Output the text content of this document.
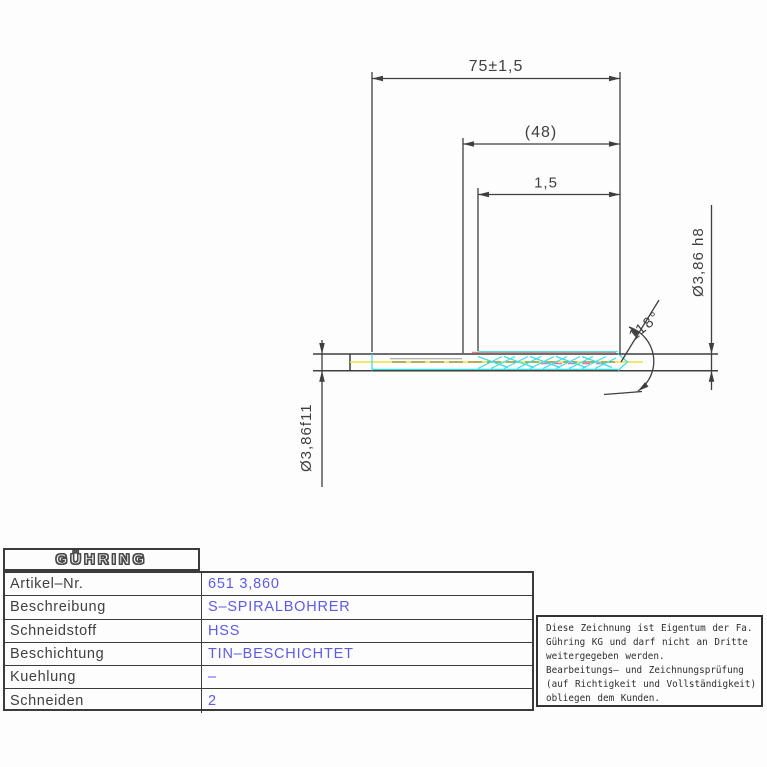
75±1,5
(48)
1,5
Ø3,86 h8
Ø3,86f11
118°
GÜHRING
Artikel–Nr.	651 3,860
Beschreibung	S–SPIRALBOHRER
Schneidstoff	HSS
Beschichtung	TIN–BESCHICHTET
Kuehlung	–
Schneiden	2
Diese Zeichnung ist Eigentum der Fa.
Gühring KG und darf nicht an Dritte
weitergegeben werden.
Bearbeitungs– und Zeichnungsprüfung
(auf Richtigkeit und Vollständigkeit)
obliegen dem Kunden.
